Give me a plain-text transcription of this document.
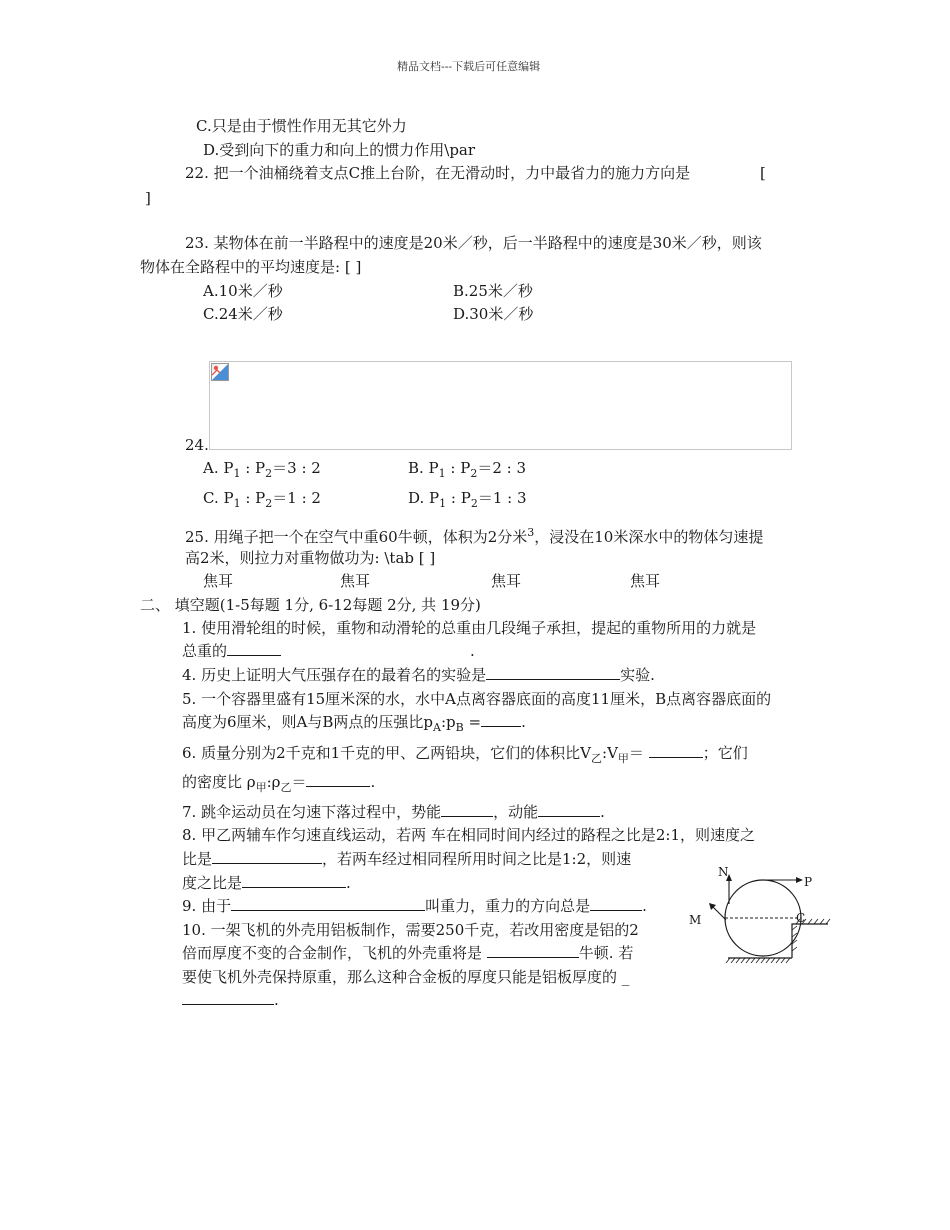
精品文档---下载后可任意编辑
C.只是由于惯性作用无其它外力
D.受到向下的重力和向上的惯力作用\par
22. 把一个油桶绕着支点C推上台阶，在无滑动时，力中最省力的施力方向是	[
]
23. 某物体在前一半路程中的速度是20米／秒，后一半路程中的速度是30米／秒，则该
物体在全路程中的平均速度是: [ ]
A.10米／秒	B.25米／秒
C.24米／秒	D.30米／秒
24.
A. $P_1$ : $P_2=3$ : 2	B. $P_1$ : $P_2=2$ : 3
C. $P_1$ : $P_2=1$ : 2	D. $P_1$ : $P_2=1$ : 3
25. 用绳子把一个在空气中重60牛顿，体积为2分米$^3$，浸没在10米深水中的物体匀速提
高2米，则拉力对重物做功为: \tab [ ]
焦耳	焦耳	焦耳	焦耳
二、 填空题(1-5每题 1分, 6-12每题 2分, 共 19分)
1. 使用滑轮组的时候，重物和动滑轮的总重由几段绳子承担，提起的重物所用的力就是
总重的	.
4. 历史上证明大气压强存在的最着名的实验是	实验.
5. 一个容器里盛有15厘米深的水，水中A点离容器底面的高度11厘米，B点离容器底面的
高度为6厘米，则A与B两点的压强比$p_A:p_B$ =	.
6. 质量分别为2千克和1千克的甲、乙两铅块，它们的体积比$V_乙:V_甲=$	；它们
的密度比 $\rho_甲:\rho_乙=$	.
7. 跳伞运动员在匀速下落过程中，势能	，动能	.
8. 甲乙两辅车作匀速直线运动，若两 车在相同时间内经过的路程之比是2:1，则速度之
比是	，若两车经过相同程所用时间之比是1:2，则速
度之比是	.
9. 由于	叫重力，重力的方向总是	.
10. 一架飞机的外壳用铝板制作，需要250千克，若改用密度是铝的2
倍而厚度不变的合金制作，飞机的外壳重将是	牛顿. 若
要使飞机外壳保持原重，那么这种合金板的厚度只能是铝板厚度的 _
.
N
P
M	C
